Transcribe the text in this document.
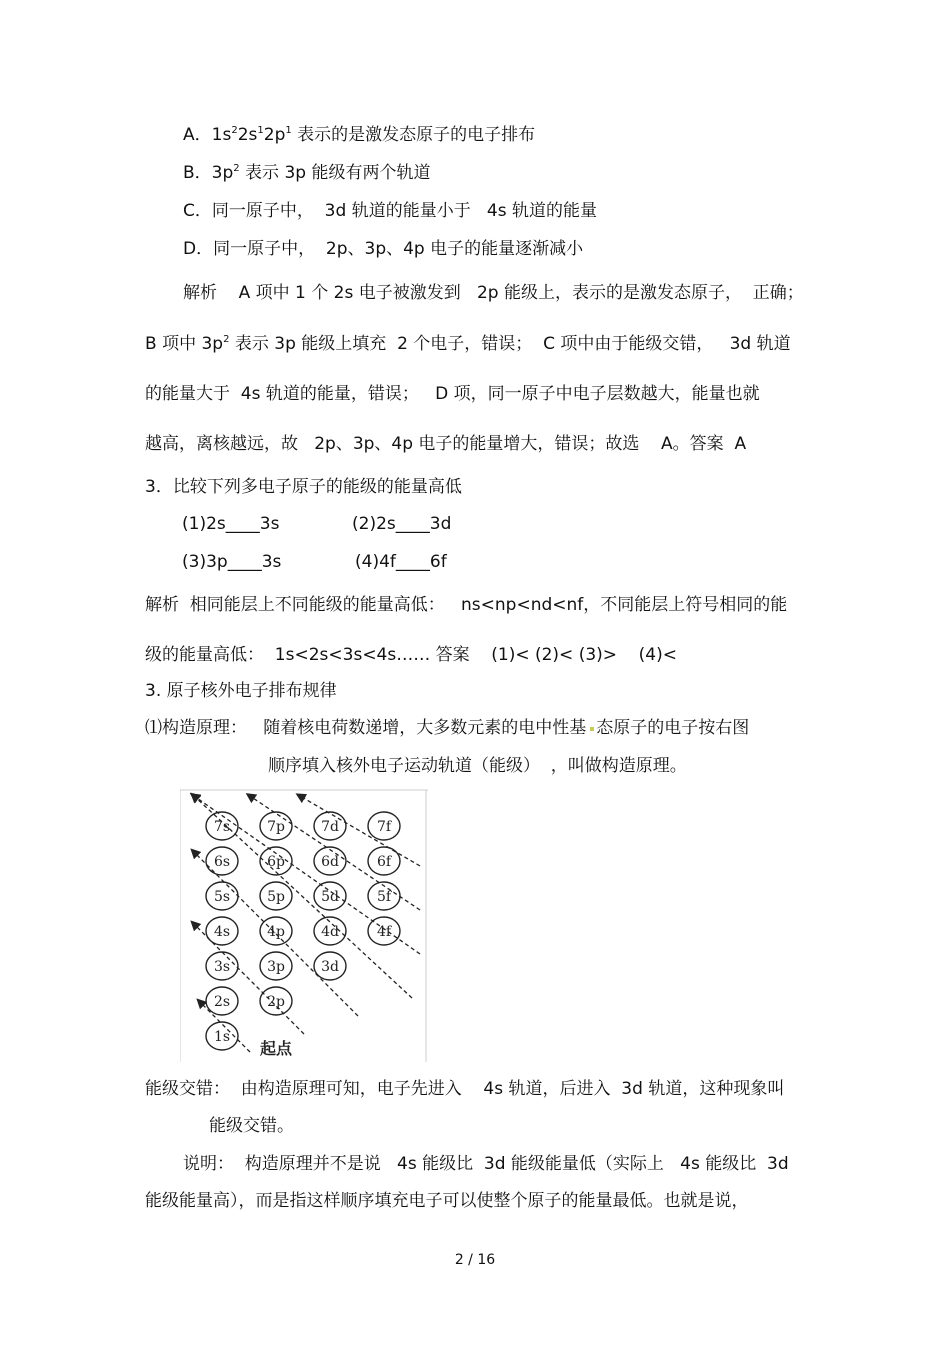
A．$1s^22s^12p^1$ 表示的是激发态原子的电子排布
B．$3p^2$ 表示 3p 能级有两个轨道
C．同一原子中，  3d 轨道的能量小于   4s 轨道的能量
D．同一原子中，  2p、3p、4p 电子的能量逐渐减小
解析    A 项中 1 个 2s 电子被激发到   2p 能级上，表示的是激发态原子，  正确；
B 项中 $3p^2$ 表示 3p 能级上填充  2 个电子，错误；  C 项中由于能级交错，   3d 轨道
的能量大于  4s 轨道的能量，错误；   D 项，同一原子中电子层数越大，能量也就
越高，离核越远，故   2p、3p、4p 电子的能量增大，错误；故选    A。答案  A
3．比较下列多电子原子的能级的能量高低
(1)2s____3s	(2)2s____3d
(3)3p____3s	(4)4f____6f
解析  相同能层上不同能级的能量高低：   ns<np<nd<nf，不同能层上符号相同的能
级的能量高低：  1s<2s<3s<4s…… 答案    (1)< (2)< (3)>    (4)<
3. 原子核外电子排布规律
⑴构造原理：   随着核电荷数递增，大多数元素的电中性基 态原子的电子按右图
顺序填入核外电子运动轨道（能级）  ，叫做构造原理。
7s	7p	7d	7f
6s	6p	6d	6f
5s	5p	5d	5f
4s	4p	4d	4f
3s	3p	3d
2s	2p
1s
起点
能级交错：  由构造原理可知，电子先进入    4s 轨道，后进入  3d 轨道，这种现象叫
能级交错。
说明：  构造原理并不是说   4s 能级比  3d 能级能量低（实际上   4s 能级比  3d
能级能量高），而是指这样顺序填充电子可以使整个原子的能量最低。也就是说，
2 / 16
